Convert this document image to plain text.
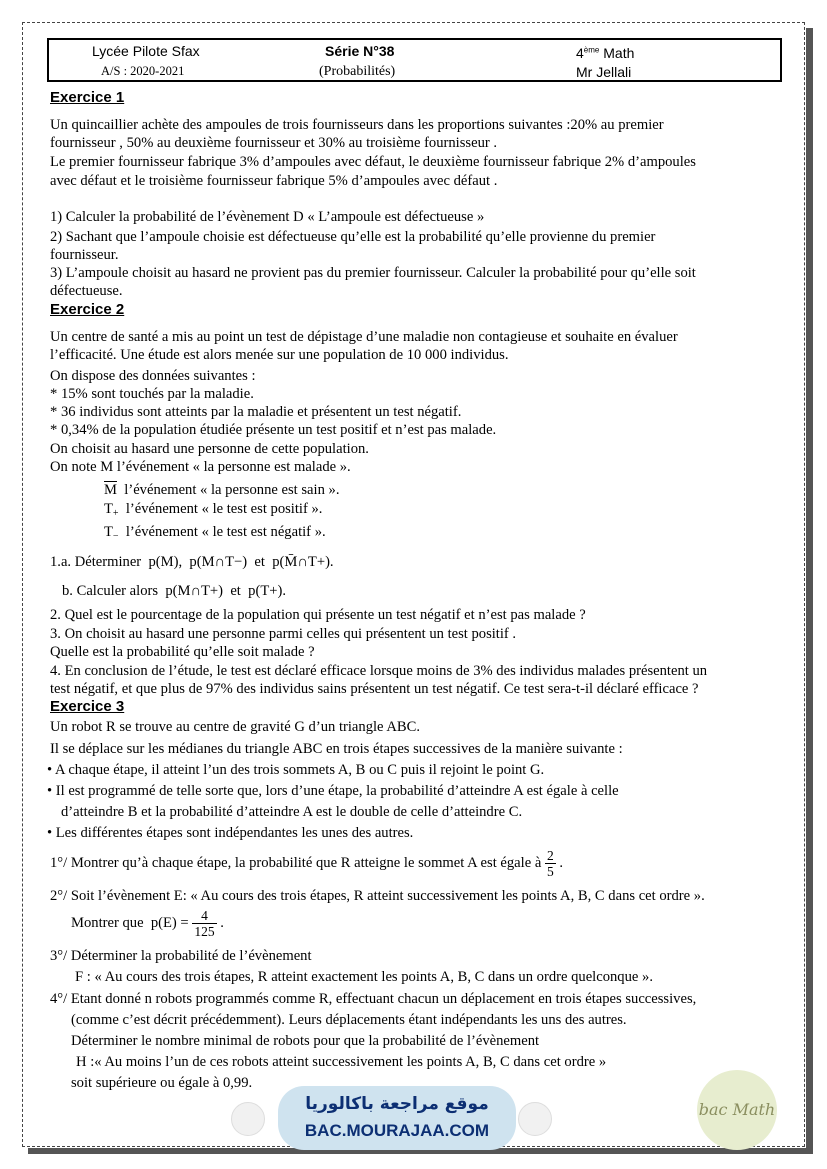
Lycée Pilote Sfax
A/S : 2020-2021
Série N°38
(Probabilités)
4ème Math
Mr Jellali
Exercice 1
Un quincaillier achète des ampoules de trois fournisseurs dans les proportions suivantes :20% au premier
fournisseur , 50% au deuxième fournisseur et 30% au troisième fournisseur .
Le premier fournisseur fabrique 3% d’ampoules avec défaut, le deuxième fournisseur fabrique 2% d’ampoules
avec défaut et le troisième fournisseur fabrique 5% d’ampoules avec défaut .
1) Calculer la probabilité de l’évènement D « L’ampoule est défectueuse »
2) Sachant que l’ampoule choisie est défectueuse qu’elle est la probabilité qu’elle provienne du premier
fournisseur.
3) L’ampoule choisit au hasard ne provient pas du premier fournisseur. Calculer la probabilité pour qu’elle soit
défectueuse.
Exercice 2
Un centre de santé a mis au point un test de dépistage d’une maladie non contagieuse et souhaite en évaluer
l’efficacité. Une étude est alors menée sur une population de 10 000 individus.
On dispose des données suivantes :
* 15% sont touchés par la maladie.
* 36 individus sont atteints par la maladie et présentent un test négatif.
* 0,34% de la population étudiée présente un test positif et n’est pas malade.
On choisit au hasard une personne de cette population.
On note M l’événement « la personne est malade ».
$\overline{M}$ l’événement « la personne est sain ».
$T_+$ l’événement « le test est positif ».
$T_-$ l’événement « le test est négatif ».
1.a. Déterminer p(M), p(M∩T−) et p(M̄∩T+).
b. Calculer alors p(M∩T+) et p(T+).
2. Quel est le pourcentage de la population qui présente un test négatif et n’est pas malade ?
3. On choisit au hasard une personne parmi celles qui présentent un test positif .
Quelle est la probabilité qu’elle soit malade ?
4. En conclusion de l’étude, le test est déclaré efficace lorsque moins de 3% des individus malades présentent un
test négatif, et que plus de 97% des individus sains présentent un test négatif. Ce test sera-t-il déclaré efficace ?
Exercice 3
Un robot R se trouve au centre de gravité G d’un triangle ABC.
Il se déplace sur les médianes du triangle ABC en trois étapes successives de la manière suivante :
• A chaque étape, il atteint l’un des trois sommets A, B ou C puis il rejoint le point G.
• Il est programmé de telle sorte que, lors d’une étape, la probabilité d’atteindre A est égale à celle
d’atteindre B et la probabilité d’atteindre A est le double de celle d’atteindre C.
• Les différentes étapes sont indépendantes les unes des autres.
1°/ Montrer qu’à chaque étape, la probabilité que R atteigne le sommet A est égale à $\frac{2}{5}$ .
2°/ Soit l’évènement E: « Au cours des trois étapes, R atteint successivement les points A, B, C dans cet ordre ».
Montrer que $p(E) = \frac{4}{125}$ .
3°/ Déterminer la probabilité de l’évènement
F : « Au cours des trois étapes, R atteint exactement les points A, B, C dans un ordre quelconque ».
4°/ Etant donné n robots programmés comme R, effectuant chacun un déplacement en trois étapes successives,
(comme c’est décrit précédemment). Leurs déplacements étant indépendants les uns des autres.
Déterminer le nombre minimal de robots pour que la probabilité de l’évènement
H :« Au moins l’un de ces robots atteint successivement les points A, B, C dans cet ordre »
soit supérieure ou égale à 0,99.
موقع مراجعة باكالوريا
BAC.MOURAJAA.COM
bac Math
